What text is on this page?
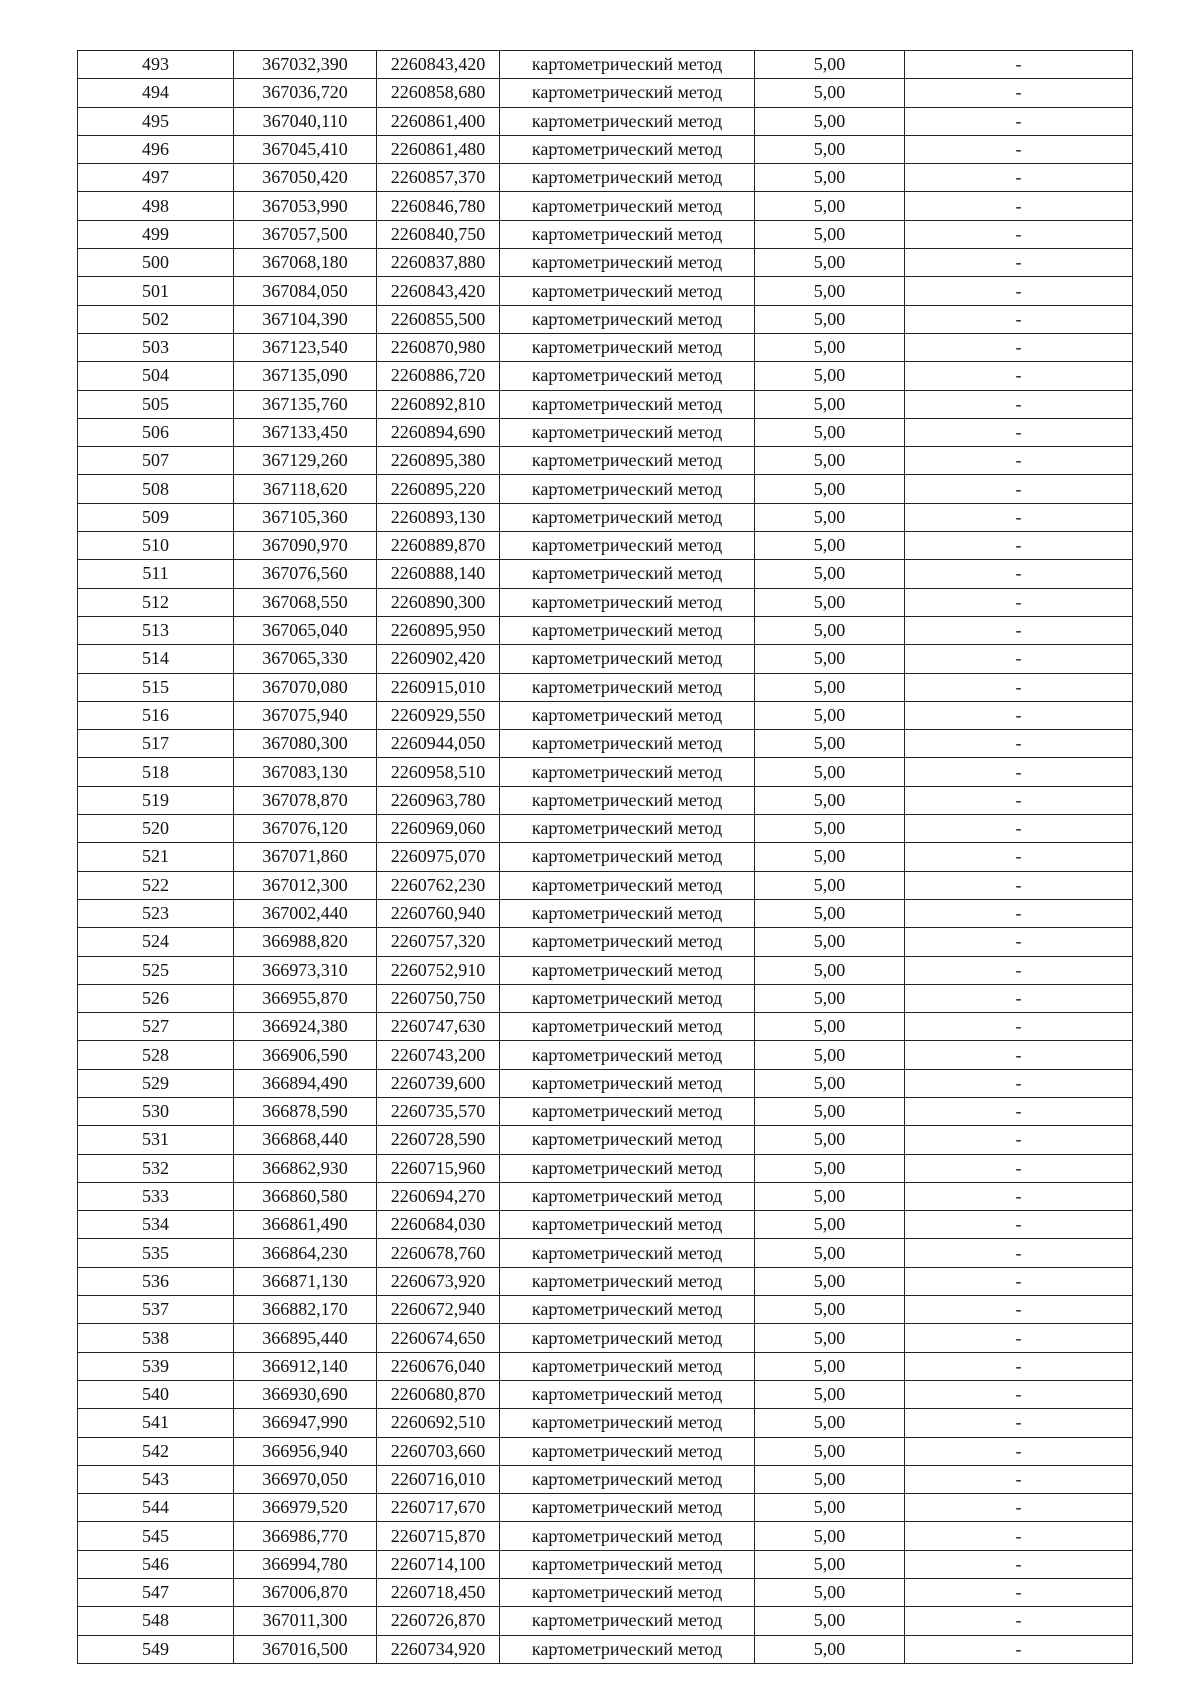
493	367032,390	2260843,420	картометрический метод	5,00	-
494	367036,720	2260858,680	картометрический метод	5,00	-
495	367040,110	2260861,400	картометрический метод	5,00	-
496	367045,410	2260861,480	картометрический метод	5,00	-
497	367050,420	2260857,370	картометрический метод	5,00	-
498	367053,990	2260846,780	картометрический метод	5,00	-
499	367057,500	2260840,750	картометрический метод	5,00	-
500	367068,180	2260837,880	картометрический метод	5,00	-
501	367084,050	2260843,420	картометрический метод	5,00	-
502	367104,390	2260855,500	картометрический метод	5,00	-
503	367123,540	2260870,980	картометрический метод	5,00	-
504	367135,090	2260886,720	картометрический метод	5,00	-
505	367135,760	2260892,810	картометрический метод	5,00	-
506	367133,450	2260894,690	картометрический метод	5,00	-
507	367129,260	2260895,380	картометрический метод	5,00	-
508	367118,620	2260895,220	картометрический метод	5,00	-
509	367105,360	2260893,130	картометрический метод	5,00	-
510	367090,970	2260889,870	картометрический метод	5,00	-
511	367076,560	2260888,140	картометрический метод	5,00	-
512	367068,550	2260890,300	картометрический метод	5,00	-
513	367065,040	2260895,950	картометрический метод	5,00	-
514	367065,330	2260902,420	картометрический метод	5,00	-
515	367070,080	2260915,010	картометрический метод	5,00	-
516	367075,940	2260929,550	картометрический метод	5,00	-
517	367080,300	2260944,050	картометрический метод	5,00	-
518	367083,130	2260958,510	картометрический метод	5,00	-
519	367078,870	2260963,780	картометрический метод	5,00	-
520	367076,120	2260969,060	картометрический метод	5,00	-
521	367071,860	2260975,070	картометрический метод	5,00	-
522	367012,300	2260762,230	картометрический метод	5,00	-
523	367002,440	2260760,940	картометрический метод	5,00	-
524	366988,820	2260757,320	картометрический метод	5,00	-
525	366973,310	2260752,910	картометрический метод	5,00	-
526	366955,870	2260750,750	картометрический метод	5,00	-
527	366924,380	2260747,630	картометрический метод	5,00	-
528	366906,590	2260743,200	картометрический метод	5,00	-
529	366894,490	2260739,600	картометрический метод	5,00	-
530	366878,590	2260735,570	картометрический метод	5,00	-
531	366868,440	2260728,590	картометрический метод	5,00	-
532	366862,930	2260715,960	картометрический метод	5,00	-
533	366860,580	2260694,270	картометрический метод	5,00	-
534	366861,490	2260684,030	картометрический метод	5,00	-
535	366864,230	2260678,760	картометрический метод	5,00	-
536	366871,130	2260673,920	картометрический метод	5,00	-
537	366882,170	2260672,940	картометрический метод	5,00	-
538	366895,440	2260674,650	картометрический метод	5,00	-
539	366912,140	2260676,040	картометрический метод	5,00	-
540	366930,690	2260680,870	картометрический метод	5,00	-
541	366947,990	2260692,510	картометрический метод	5,00	-
542	366956,940	2260703,660	картометрический метод	5,00	-
543	366970,050	2260716,010	картометрический метод	5,00	-
544	366979,520	2260717,670	картометрический метод	5,00	-
545	366986,770	2260715,870	картометрический метод	5,00	-
546	366994,780	2260714,100	картометрический метод	5,00	-
547	367006,870	2260718,450	картометрический метод	5,00	-
548	367011,300	2260726,870	картометрический метод	5,00	-
549	367016,500	2260734,920	картометрический метод	5,00	-
